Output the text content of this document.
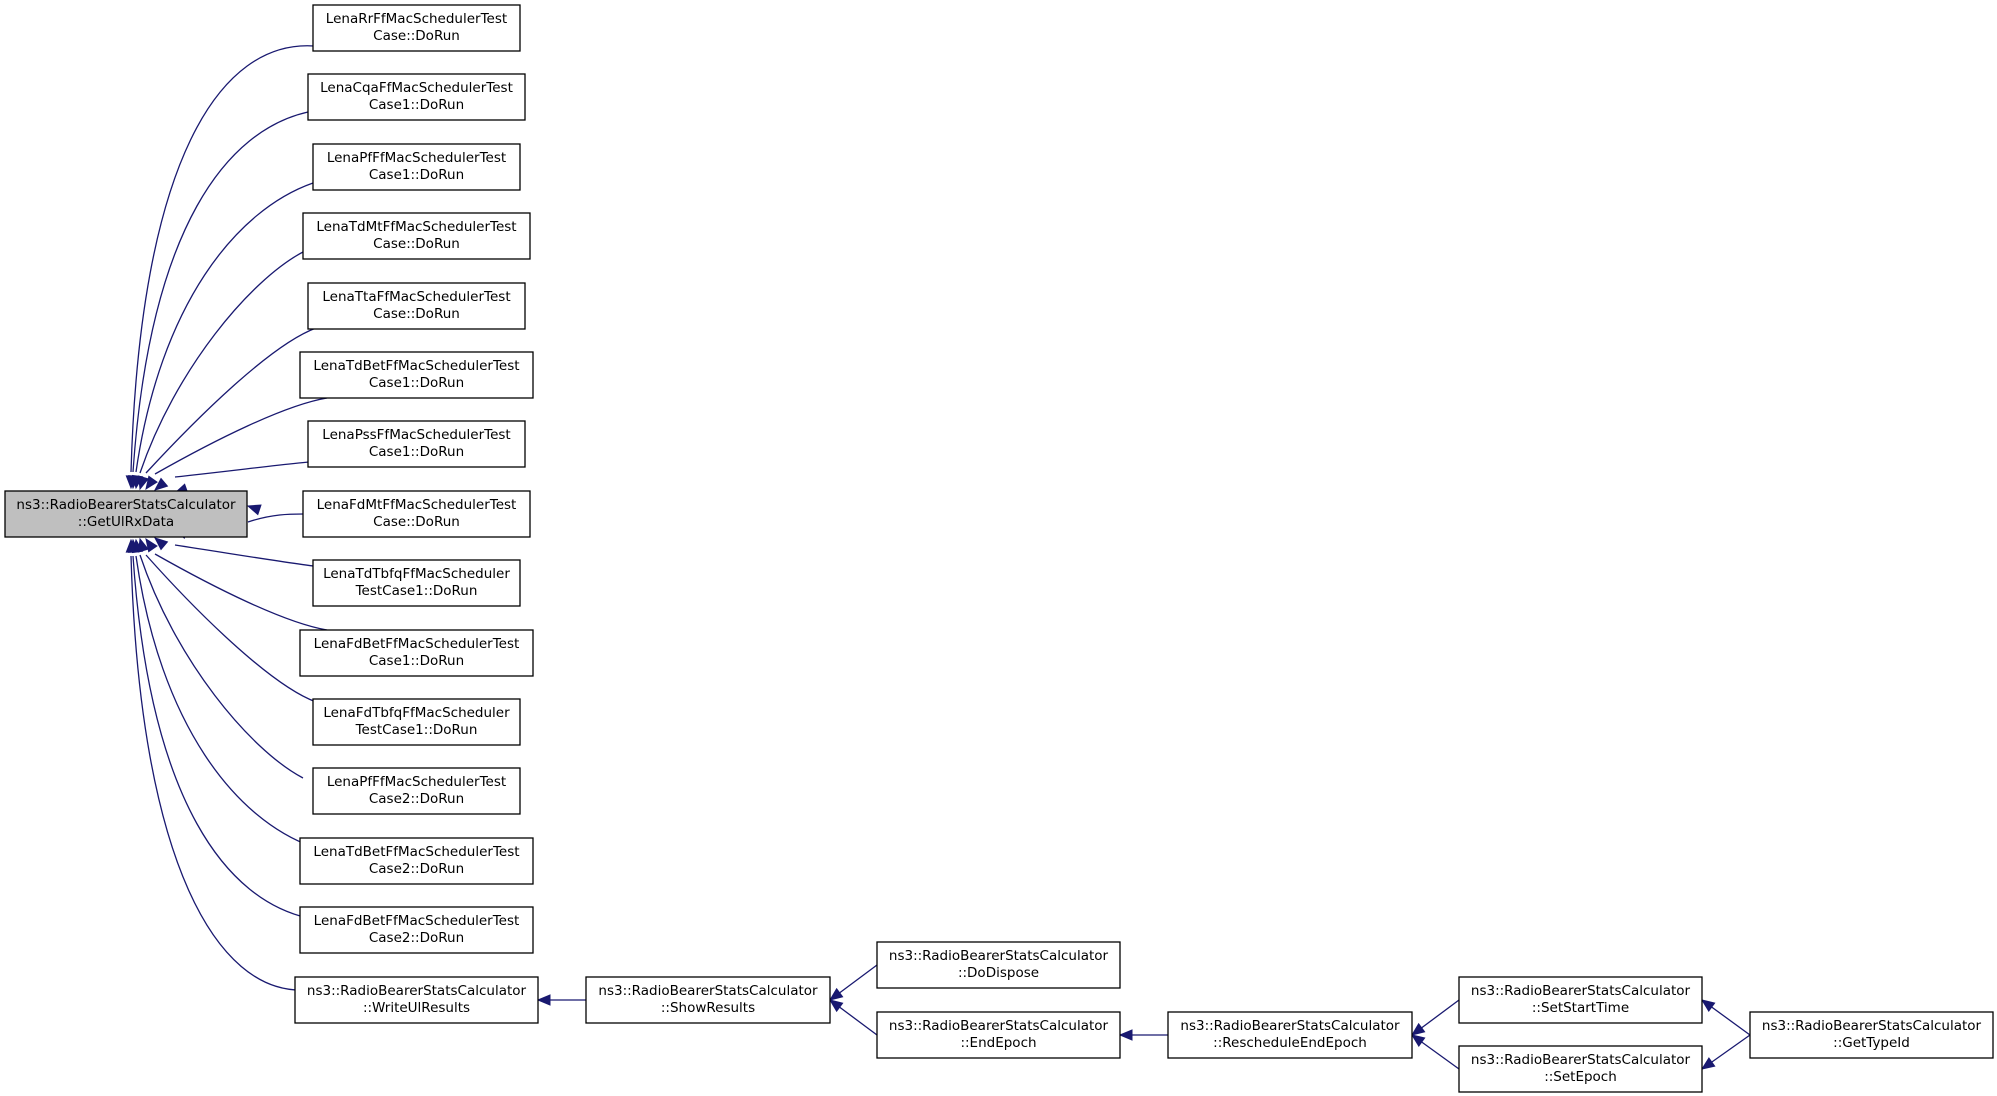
ns3::RadioBearerStatsCalculator
::GetUlRxData
LenaRrFfMacSchedulerTest
Case::DoRun
LenaCqaFfMacSchedulerTest
Case1::DoRun
LenaPfFfMacSchedulerTest
Case1::DoRun
LenaTdMtFfMacSchedulerTest
Case::DoRun
LenaTtaFfMacSchedulerTest
Case::DoRun
LenaTdBetFfMacSchedulerTest
Case1::DoRun
LenaPssFfMacSchedulerTest
Case1::DoRun
LenaFdMtFfMacSchedulerTest
Case::DoRun
LenaTdTbfqFfMacScheduler
TestCase1::DoRun
LenaFdBetFfMacSchedulerTest
Case1::DoRun
LenaFdTbfqFfMacScheduler
TestCase1::DoRun
LenaPfFfMacSchedulerTest
Case2::DoRun
LenaTdBetFfMacSchedulerTest
Case2::DoRun
LenaFdBetFfMacSchedulerTest
Case2::DoRun
ns3::RadioBearerStatsCalculator
::WriteUlResults
ns3::RadioBearerStatsCalculator
::ShowResults
ns3::RadioBearerStatsCalculator
::DoDispose
ns3::RadioBearerStatsCalculator
::EndEpoch
ns3::RadioBearerStatsCalculator
::RescheduleEndEpoch
ns3::RadioBearerStatsCalculator
::SetStartTime
ns3::RadioBearerStatsCalculator
::SetEpoch
ns3::RadioBearerStatsCalculator
::GetTypeId
